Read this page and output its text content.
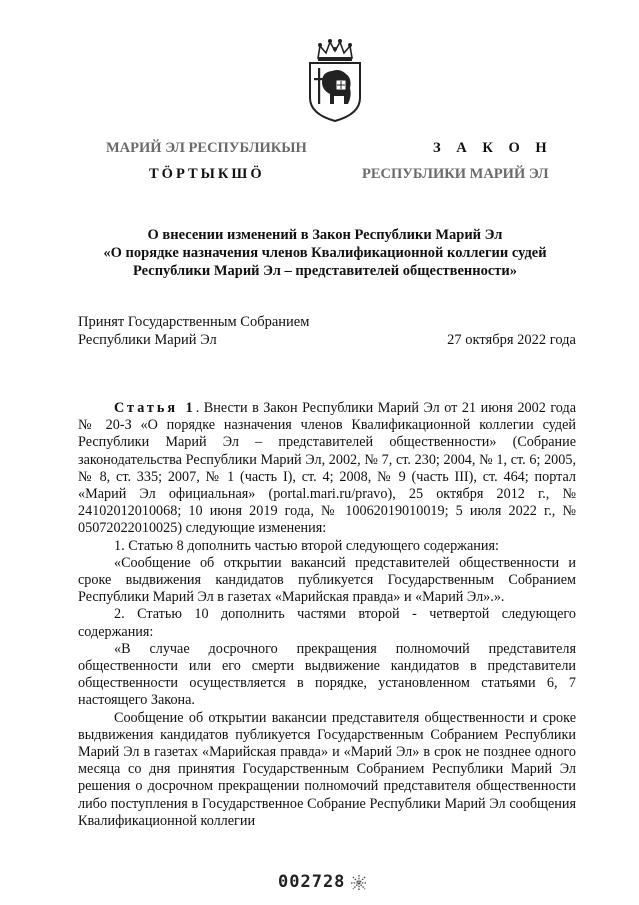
МАРИЙ ЭЛ РЕСПУБЛИКЫН
ТӦРТЫКШӦ
З А К О Н
РЕСПУБЛИКИ МАРИЙ ЭЛ
О внесении изменений в Закон Республики Марий Эл
«О порядке назначения членов Квалификационной коллегии судей
Республики Марий Эл – представителей общественности»
Принят Государственным Собранием
Республики Марий Эл	27 октября 2022 года

Статья 1. Внести в Закон Республики Марий Эл от 21 июня 2002 года № 20-З «О порядке назначения членов Квалификационной коллегии судей Республики Марий Эл – представителей общественности» (Собрание законодательства Республики Марий Эл, 2002, № 7, ст. 230; 2004, № 1, ст. 6; 2005, № 8, ст. 335; 2007, № 1 (часть I), ст. 4; 2008, № 9 (часть III), ст. 464; портал «Марий Эл официальная» (portal.mari.ru/pravo), 25 октября 2012 г., № 24102012010068; 10 июня 2019 года, № 10062019010019; 5 июля 2022 г., № 05072022010025) следующие изменения:

1. Статью 8 дополнить частью второй следующего содержания:

«Сообщение об открытии вакансий представителей общественности и сроке выдвижения кандидатов публикуется Государственным Собранием Республики Марий Эл в газетах «Марийская правда» и «Марий Эл».».

2. Статью 10 дополнить частями второй - четвертой следующего содержания:

«В случае досрочного прекращения полномочий представителя общественности или его смерти выдвижение кандидатов в представители общественности осуществляется в порядке, установленном статьями 6, 7 настоящего Закона.

Сообщение об открытии вакансии представителя общественности и сроке выдвижения кандидатов публикуется Государственным Собранием Республики Марий Эл в газетах «Марийская правда» и «Марий Эл» в срок не позднее одного месяца со дня принятия Государственным Собранием Республики Марий Эл решения о досрочном прекращении полномочий представителя общественности либо поступления в Государственное Собрание Республики Марий Эл сообщения Квалификационной коллегии

002728
